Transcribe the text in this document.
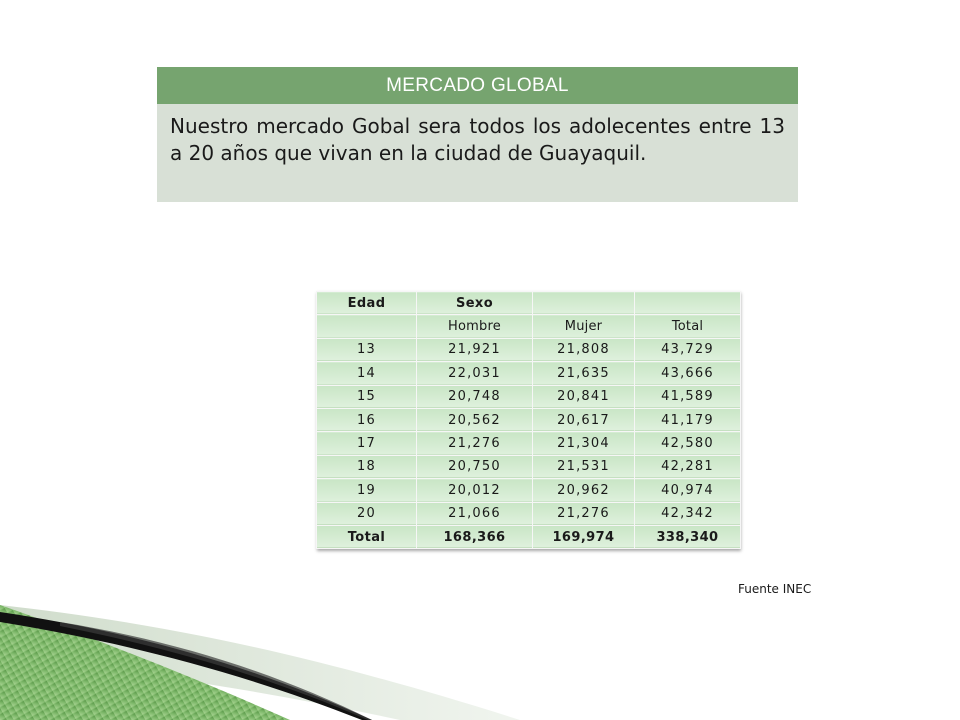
MERCADO GLOBAL
Nuestro mercado Gobal sera todos los adolecentes entre 13 a 20 años que vivan en la ciudad de Guayaquil.
Edad	Sexo		
	Hombre	Mujer	Total
13	21,921	21,808	43,729
14	22,031	21,635	43,666
15	20,748	20,841	41,589
16	20,562	20,617	41,179
17	21,276	21,304	42,580
18	20,750	21,531	42,281
19	20,012	20,962	40,974
20	21,066	21,276	42,342
Total	168,366	169,974	338,340
Fuente INEC
